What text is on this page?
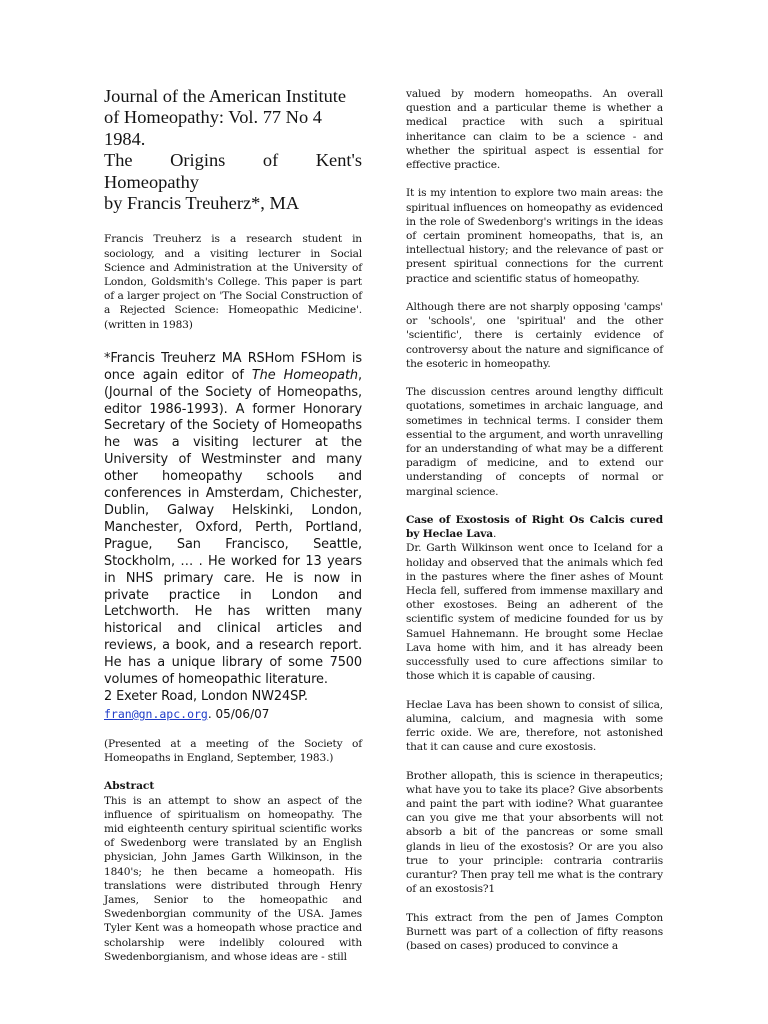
Journal of the American Institute
of Homeopathy: Vol. 77 No 4
1984.
The Origins of Kent's Homeopathy
by Francis Treuherz*, MA

Francis Treuherz is a research student in sociology, and a visiting lecturer in Social Science and Administration at the University of London, Goldsmith's College. This paper is part of a larger project on 'The Social Construction of a Rejected Science: Homeopathic Medicine'. (written in 1983)

*Francis Treuherz MA RSHom FSHom is once again editor of The Homeopath, (Journal of the Society of Homeopaths, editor 1986-1993). A former Honorary Secretary of the Society of Homeopaths he was a visiting lecturer at the University of Westminster and many other homeopathy schools and conferences in Amsterdam, Chichester, Dublin, Galway Helskinki, London, Manchester, Oxford, Perth, Portland, Prague, San Francisco, Seattle, Stockholm, … . He worked for 13 years in NHS primary care. He is now in private practice in London and Letchworth. He has written many historical and clinical articles and reviews, a book, and a research report. He has a unique library of some 7500 volumes of homeopathic literature.
2 Exeter Road, London NW24SP.

fran@gn.apc.org. 05/06/07

(Presented at a meeting of the Society of Homeopaths in England, September, 1983.)

Abstract

This is an attempt to show an aspect of the influence of spiritualism on homeopathy. The mid eighteenth century spiritual scientific works of Swedenborg were translated by an English physician, John James Garth Wilkinson, in the 1840's; he then became a homeopath. His translations were distributed through Henry James, Senior to the homeopathic and Swedenborgian community of the USA. James Tyler Kent was a homeopath whose practice and scholarship were indelibly coloured with Swedenborgianism, and whose ideas are - still

valued by modern homeopaths. An overall question and a particular theme is whether a medical practice with such a spiritual inheritance can claim to be a science - and whether the spiritual aspect is essential for effective practice.

It is my intention to explore two main areas: the spiritual influences on homeopathy as evidenced in the role of Swedenborg's writings in the ideas of certain prominent homeopaths, that is, an intellectual history; and the relevance of past or present spiritual connections for the current practice and scientific status of homeopathy.

Although there are not sharply opposing 'camps' or 'schools', one 'spiritual' and the other 'scientific', there is certainly evidence of controversy about the nature and significance of the esoteric in homeopathy.

The discussion centres around lengthy difficult quotations, sometimes in archaic language, and sometimes in technical terms. I consider them essential to the argument, and worth unravelling for an understanding of what may be a different paradigm of medicine, and to extend our understanding of concepts of normal or marginal science.

Case of Exostosis of Right Os Calcis cured by Heclae Lava.

Dr. Garth Wilkinson went once to Iceland for a holiday and observed that the animals which fed in the pastures where the finer ashes of Mount Hecla fell, suffered from immense maxillary and other exostoses. Being an adherent of the scientific system of medicine founded for us by Samuel Hahnemann. He brought some Heclae Lava home with him, and it has already been successfully used to cure affections similar to those which it is capable of causing.

Heclae Lava has been shown to consist of silica, alumina, calcium, and magnesia with some ferric oxide. We are, therefore, not astonished that it can cause and cure exostosis.

Brother allopath, this is science in therapeutics; what have you to take its place? Give absorbents and paint the part with iodine? What guarantee can you give me that your absorbents will not absorb a bit of the pancreas or some small glands in lieu of the exostosis? Or are you also true to your principle: contraria contrariis curantur? Then pray tell me what is the contrary of an exostosis?1

This extract from the pen of James Compton Burnett was part of a collection of fifty reasons (based on cases) produced to convince a
